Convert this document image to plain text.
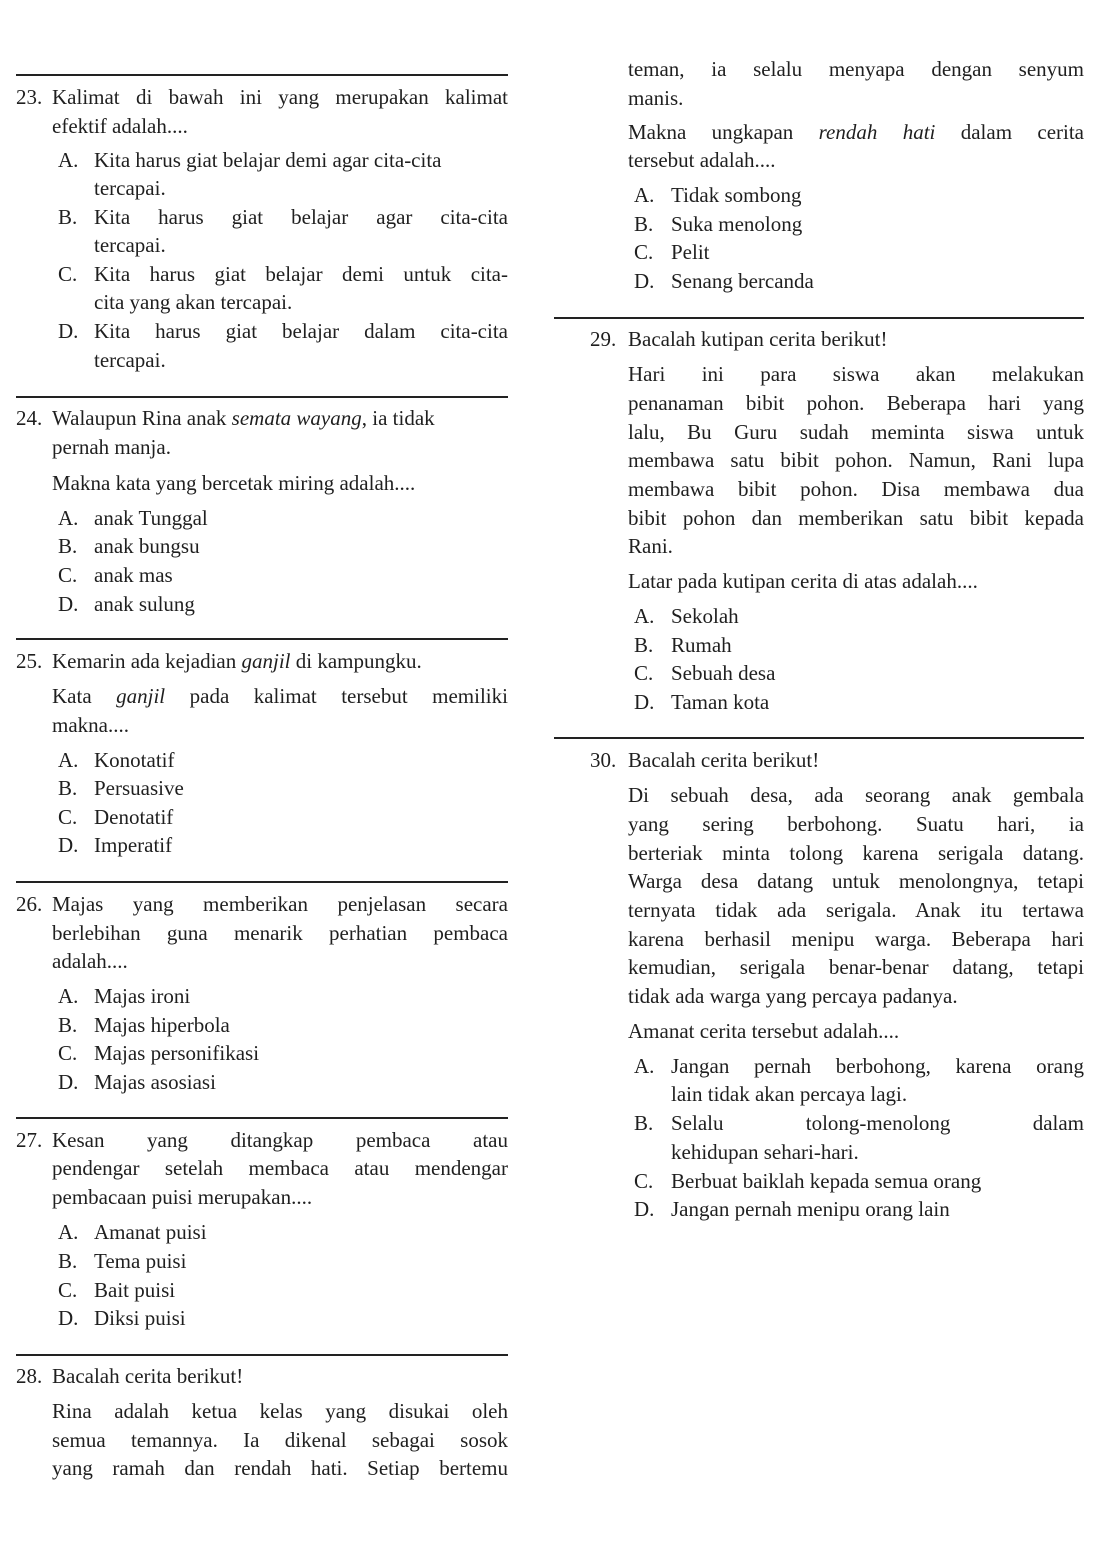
23. Kalimat di bawah ini yang merupakan kalimat
efektif adalah....
A. Kita harus giat belajar demi agar cita-cita
tercapai.
B. Kita harus giat belajar agar cita-cita
tercapai.
C. Kita harus giat belajar demi untuk cita-
cita yang akan tercapai.
D. Kita harus giat belajar dalam cita-cita
tercapai.
24. Walaupun Rina anak semata wayang, ia tidak
pernah manja.
Makna kata yang bercetak miring adalah....
A. anak Tunggal
B. anak bungsu
C. anak mas
D. anak sulung
25. Kemarin ada kejadian ganjil di kampungku.
Kata ganjil pada kalimat tersebut memiliki
makna....
A. Konotatif
B. Persuasive
C. Denotatif
D. Imperatif
26. Majas yang memberikan penjelasan secara
berlebihan guna menarik perhatian pembaca
adalah....
A. Majas ironi
B. Majas hiperbola
C. Majas personifikasi
D. Majas asosiasi
27. Kesan yang ditangkap pembaca atau
pendengar setelah membaca atau mendengar
pembacaan puisi merupakan....
A. Amanat puisi
B. Tema puisi
C. Bait puisi
D. Diksi puisi
28. Bacalah cerita berikut!
Rina adalah ketua kelas yang disukai oleh
semua temannya. Ia dikenal sebagai sosok
yang ramah dan rendah hati. Setiap bertemu
teman, ia selalu menyapa dengan senyum
manis.
Makna ungkapan rendah hati dalam cerita
tersebut adalah....
A. Tidak sombong
B. Suka menolong
C. Pelit
D. Senang bercanda
29. Bacalah kutipan cerita berikut!
Hari ini para siswa akan melakukan
penanaman bibit pohon. Beberapa hari yang
lalu, Bu Guru sudah meminta siswa untuk
membawa satu bibit pohon. Namun, Rani lupa
membawa bibit pohon. Disa membawa dua
bibit pohon dan memberikan satu bibit kepada
Rani.
Latar pada kutipan cerita di atas adalah....
A. Sekolah
B. Rumah
C. Sebuah desa
D. Taman kota
30. Bacalah cerita berikut!
Di sebuah desa, ada seorang anak gembala
yang sering berbohong. Suatu hari, ia
berteriak minta tolong karena serigala datang.
Warga desa datang untuk menolongnya, tetapi
ternyata tidak ada serigala. Anak itu tertawa
karena berhasil menipu warga. Beberapa hari
kemudian, serigala benar-benar datang, tetapi
tidak ada warga yang percaya padanya.
Amanat cerita tersebut adalah....
A. Jangan pernah berbohong, karena orang
lain tidak akan percaya lagi.
B. Selalu tolong-menolong dalam
kehidupan sehari-hari.
C. Berbuat baiklah kepada semua orang
D. Jangan pernah menipu orang lain
